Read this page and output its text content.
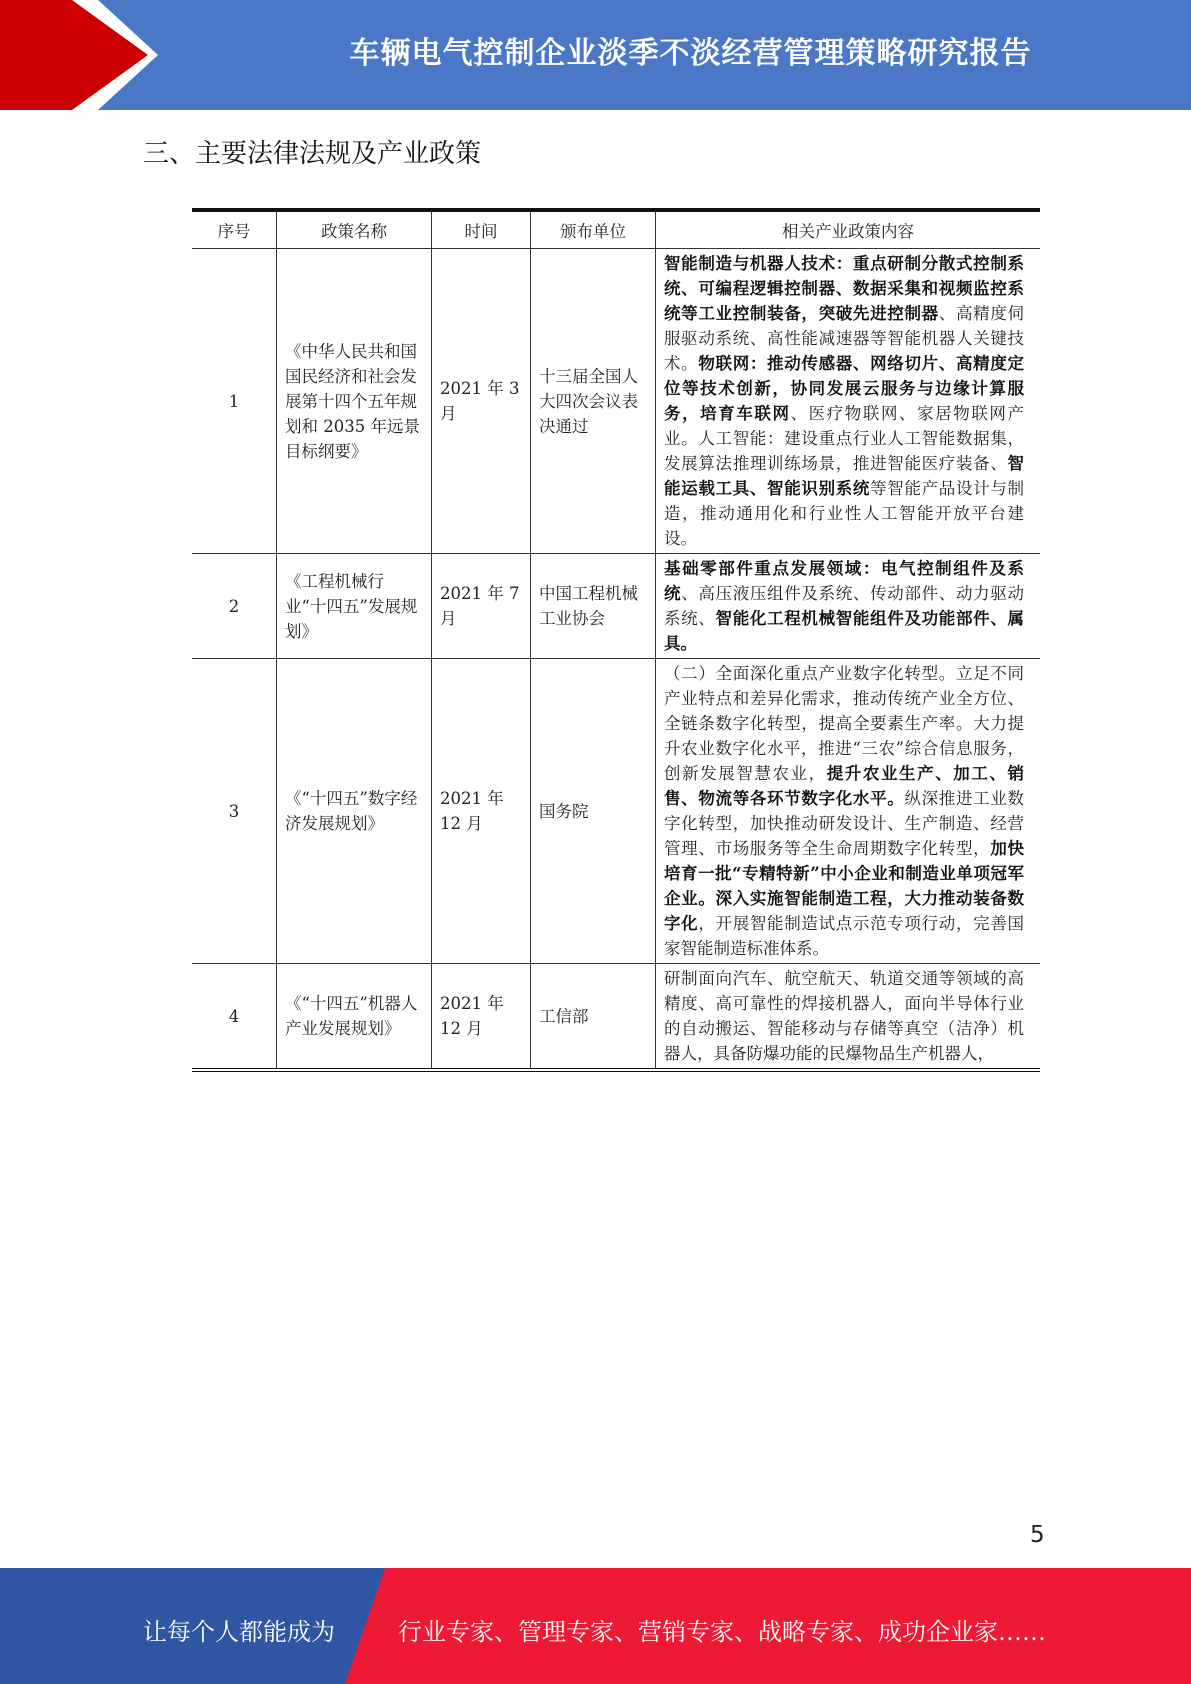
车辆电气控制企业淡季不淡经营管理策略研究报告
三、主要法律法规及产业政策
序号	政策名称	时间	颁布单位	相关产业政策内容
1	《中华人民共和国国民经济和社会发展第十四个五年规划和 2035 年远景目标纲要》	2021 年 3 月	十三届全国人大四次会议表决通过	智能制造与机器人技术：重点研制分散式控制系统、可编程逻辑控制器、数据采集和视频监控系统等工业控制装备，突破先进控制器、高精度伺服驱动系统、高性能减速器等智能机器人关键技术。物联网：推动传感器、网络切片、高精度定位等技术创新，协同发展云服务与边缘计算服务，培育车联网、医疗物联网、家居物联网产业。人工智能：建设重点行业人工智能数据集，发展算法推理训练场景，推进智能医疗装备、智能运载工具、智能识别系统等智能产品设计与制造，推动通用化和行业性人工智能开放平台建设。
2	《工程机械行业“十四五”发展规划》	2021 年 7 月	中国工程机械工业协会	基础零部件重点发展领域：电气控制组件及系统、高压液压组件及系统、传动部件、动力驱动系统、智能化工程机械智能组件及功能部件、属具。
3	《“十四五”数字经济发展规划》	2021 年 12 月	国务院	（二）全面深化重点产业数字化转型。立足不同产业特点和差异化需求，推动传统产业全方位、全链条数字化转型，提高全要素生产率。大力提升农业数字化水平，推进“三农”综合信息服务，创新发展智慧农业，提升农业生产、加工、销售、物流等各环节数字化水平。纵深推进工业数字化转型，加快推动研发设计、生产制造、经营管理、市场服务等全生命周期数字化转型，加快培育一批“专精特新”中小企业和制造业单项冠军企业。深入实施智能制造工程，大力推动装备数字化，开展智能制造试点示范专项行动，完善国家智能制造标准体系。
4	《“十四五”机器人产业发展规划》	2021 年 12 月	工信部	研制面向汽车、航空航天、轨道交通等领域的高精度、高可靠性的焊接机器人，面向半导体行业的自动搬运、智能移动与存储等真空（洁净）机器人，具备防爆功能的民爆物品生产机器人，
5
让每个人都能成为	行业专家、管理专家、营销专家、战略专家、成功企业家……
